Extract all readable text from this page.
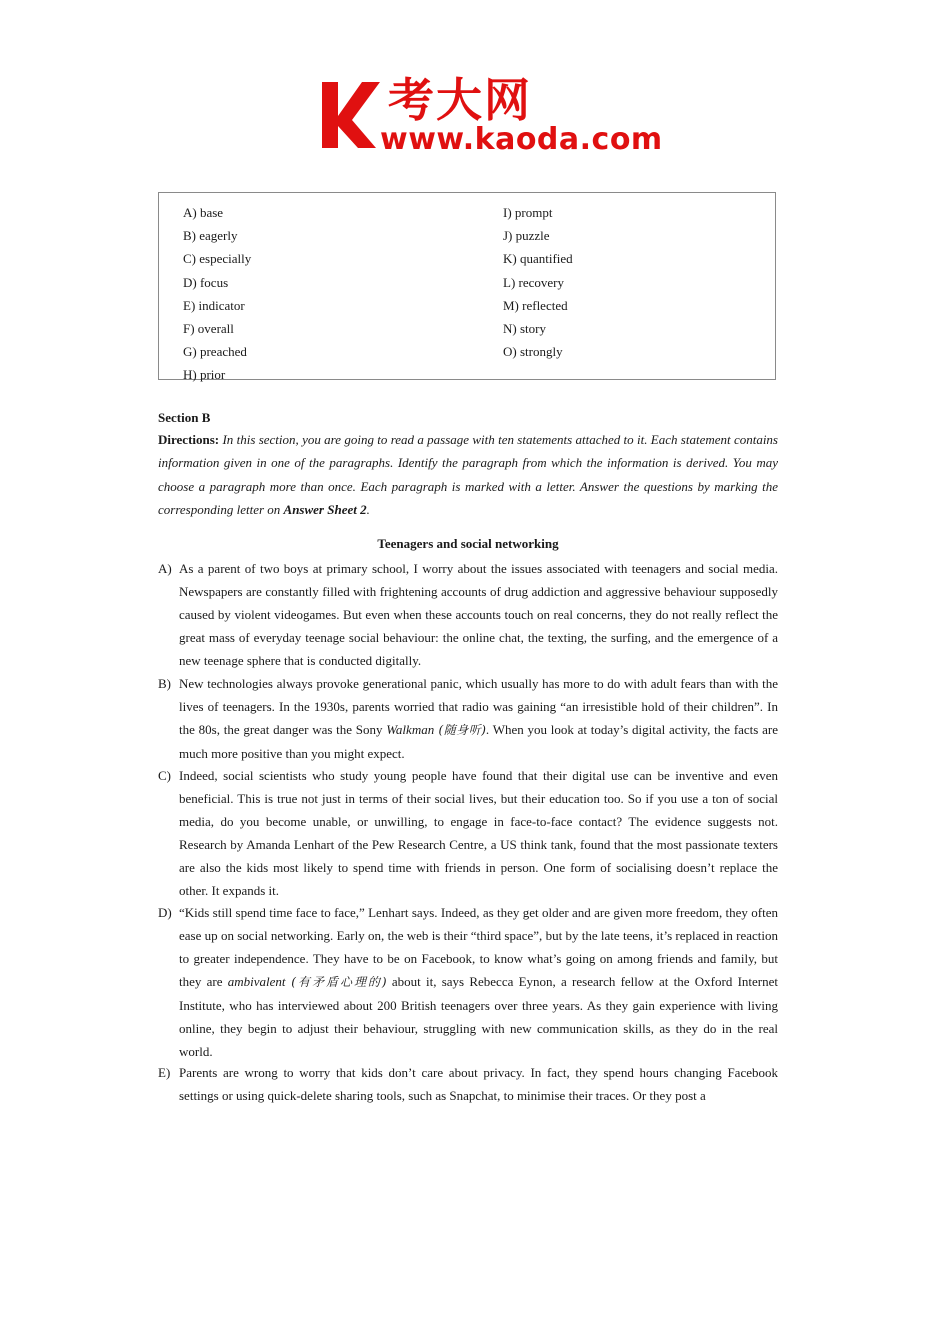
考大网
www.kaoda.com
A) base
B) eagerly
C) especially
D) focus
E) indicator
F) overall
G) preached
H) prior
I) prompt
J) puzzle
K) quantified
L) recovery
M) reflected
N) story
O) strongly
Section B
Directions: In this section, you are going to read a passage with ten statements attached to it. Each statement contains information given in one of the paragraphs. Identify the paragraph from which the information is derived. You may choose a paragraph more than once. Each paragraph is marked with a letter. Answer the questions by marking the corresponding letter on Answer Sheet 2.
Teenagers and social networking
A) As a parent of two boys at primary school, I worry about the issues associated with teenagers and social media. Newspapers are constantly filled with frightening accounts of drug addiction and aggressive behaviour supposedly caused by violent videogames. But even when these accounts touch on real concerns, they do not really reflect the great mass of everyday teenage social behaviour: the online chat, the texting, the surfing, and the emergence of a new teenage sphere that is conducted digitally.
B) New technologies always provoke generational panic, which usually has more to do with adult fears than with the lives of teenagers. In the 1930s, parents worried that radio was gaining “an irresistible hold of their children”. In the 80s, the great danger was the Sony Walkman (随身听). When you look at today’s digital activity, the facts are much more positive than you might expect.
C) Indeed, social scientists who study young people have found that their digital use can be inventive and even beneficial. This is true not just in terms of their social lives, but their education too. So if you use a ton of social media, do you become unable, or unwilling, to engage in face-to-face contact? The evidence suggests not. Research by Amanda Lenhart of the Pew Research Centre, a US think tank, found that the most passionate texters are also the kids most likely to spend time with friends in person. One form of socialising doesn’t replace the other. It expands it.
D) “Kids still spend time face to face,” Lenhart says. Indeed, as they get older and are given more freedom, they often ease up on social networking. Early on, the web is their “third space”, but by the late teens, it’s replaced in reaction to greater independence. They have to be on Facebook, to know what’s going on among friends and family, but they are ambivalent (有矛盾心理的) about it, says Rebecca Eynon, a research fellow at the Oxford Internet Institute, who has interviewed about 200 British teenagers over three years. As they gain experience with living online, they begin to adjust their behaviour, struggling with new communication skills, as they do in the real world.
E) Parents are wrong to worry that kids don’t care about privacy. In fact, they spend hours changing Facebook settings or using quick-delete sharing tools, such as Snapchat, to minimise their traces. Or they post a
